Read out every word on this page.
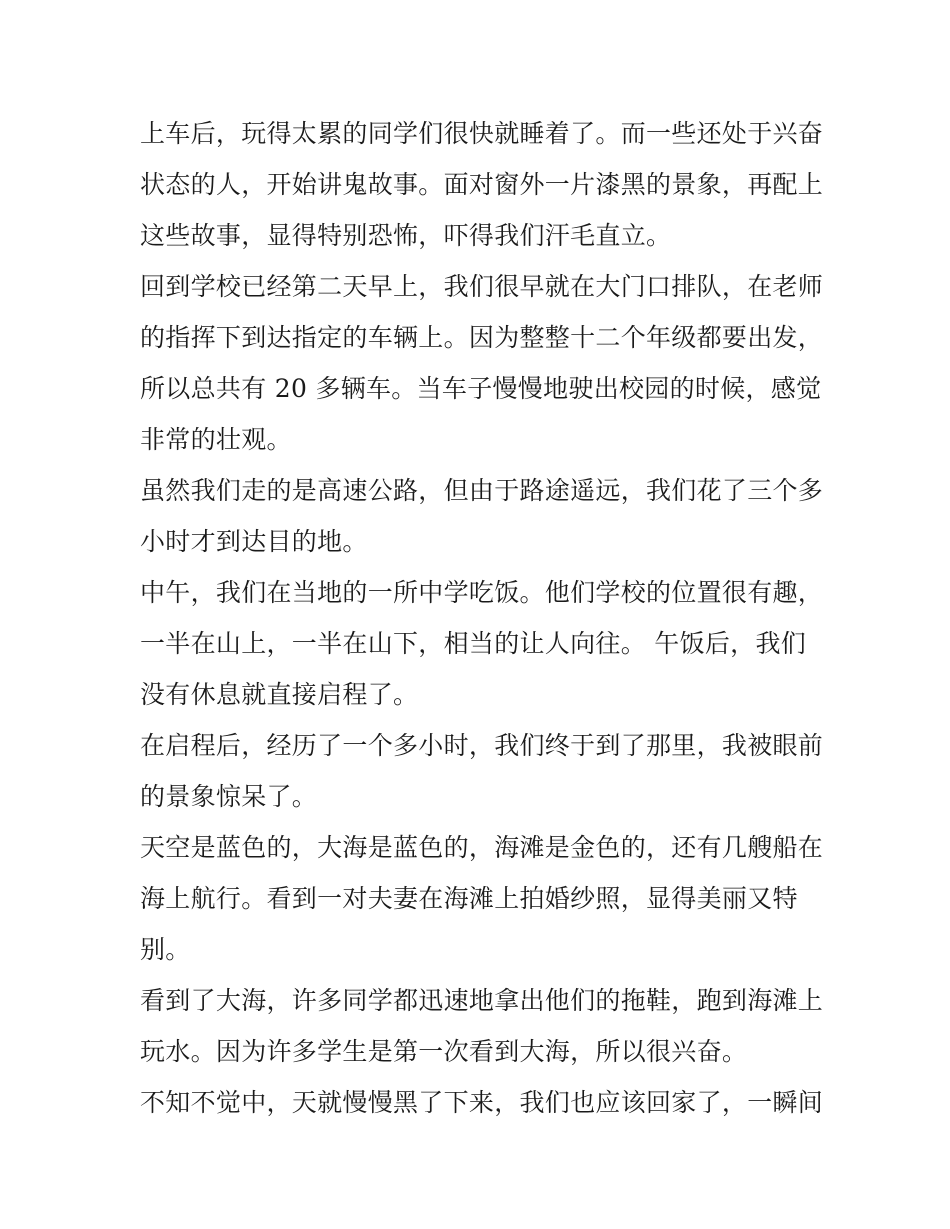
上车后，玩得太累的同学们很快就睡着了。而一些还处于兴奋
状态的人，开始讲鬼故事。面对窗外一片漆黑的景象，再配上
这些故事，显得特别恐怖，吓得我们汗毛直立。
回到学校已经第二天早上，我们很早就在大门口排队，在老师
的指挥下到达指定的车辆上。因为整整十二个年级都要出发，
所以总共有 20 多辆车。当车子慢慢地驶出校园的时候，感觉
非常的壮观。
虽然我们走的是高速公路，但由于路途遥远，我们花了三个多
小时才到达目的地。
中午，我们在当地的一所中学吃饭。他们学校的位置很有趣，
一半在山上，一半在山下，相当的让人向往。 午饭后，我们
没有休息就直接启程了。
在启程后，经历了一个多小时，我们终于到了那里，我被眼前
的景象惊呆了。
天空是蓝色的，大海是蓝色的，海滩是金色的，还有几艘船在
海上航行。看到一对夫妻在海滩上拍婚纱照，显得美丽又特
别。
看到了大海，许多同学都迅速地拿出他们的拖鞋，跑到海滩上
玩水。因为许多学生是第一次看到大海，所以很兴奋。
不知不觉中，天就慢慢黑了下来，我们也应该回家了，一瞬间
